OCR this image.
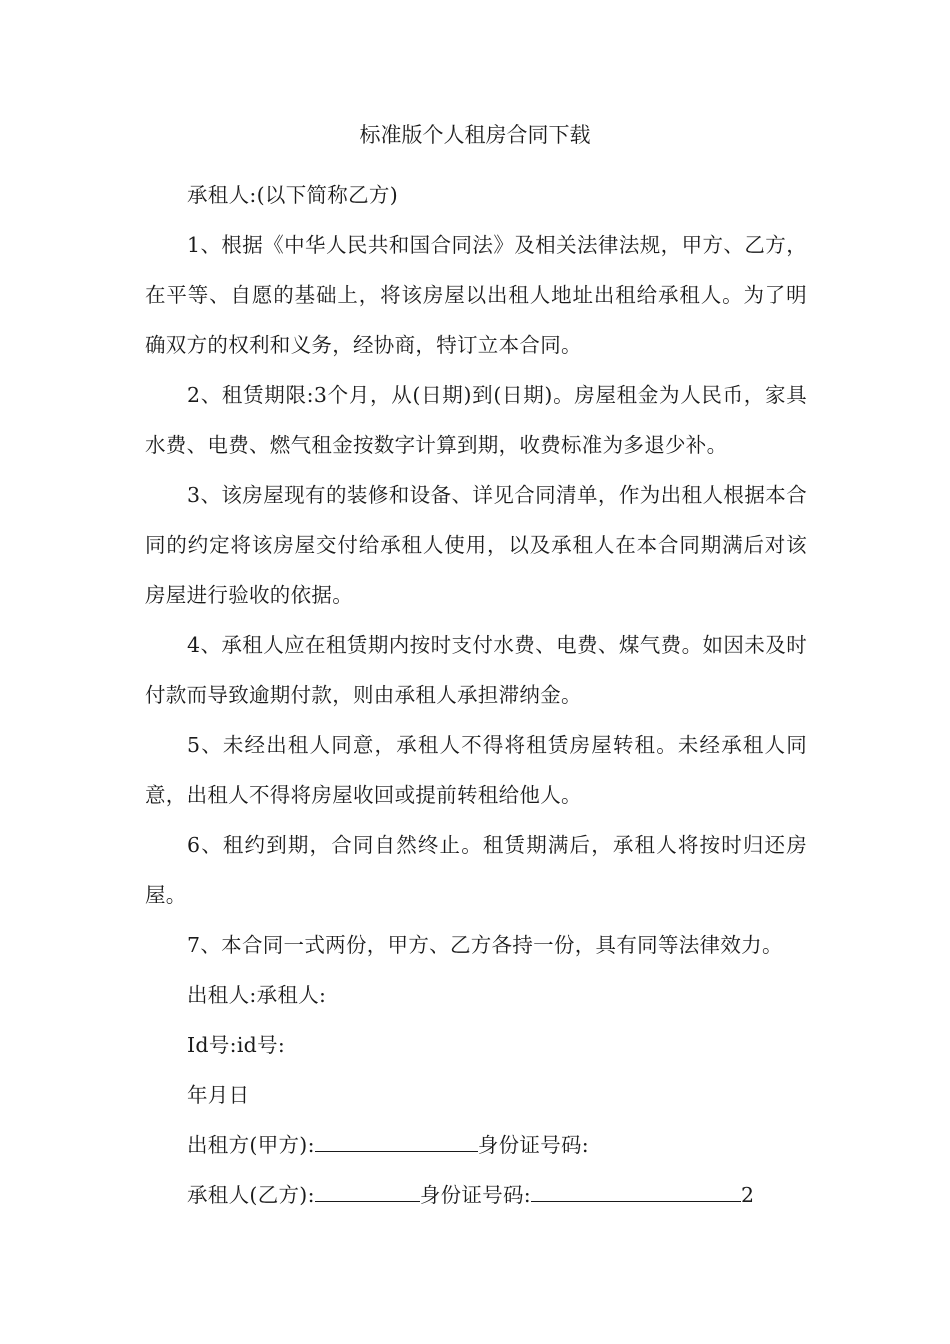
标准版个人租房合同下载

承租人:(以下简称乙方)

1、根据《中华人民共和国合同法》及相关法律法规，甲方、乙方，在平等、自愿的基础上，将该房屋以出租人地址出租给承租人。为了明确双方的权利和义务，经协商，特订立本合同。

2、租赁期限:3个月，从(日期)到(日期)。房屋租金为人民币，家具水费、电费、燃气租金按数字计算到期，收费标准为多退少补。

3、该房屋现有的装修和设备、详见合同清单，作为出租人根据本合同的约定将该房屋交付给承租人使用，以及承租人在本合同期满后对该房屋进行验收的依据。

4、承租人应在租赁期内按时支付水费、电费、煤气费。如因未及时付款而导致逾期付款，则由承租人承担滞纳金。

5、未经出租人同意，承租人不得将租赁房屋转租。未经承租人同意，出租人不得将房屋收回或提前转租给他人。

6、租约到期，合同自然终止。租赁期满后，承租人将按时归还房屋。

7、本合同一式两份，甲方、乙方各持一份，具有同等法律效力。

出租人:承租人:

Id号:id号:

年月日

出租方(甲方):	身份证号码:

承租人(乙方):	身份证号码:	2
